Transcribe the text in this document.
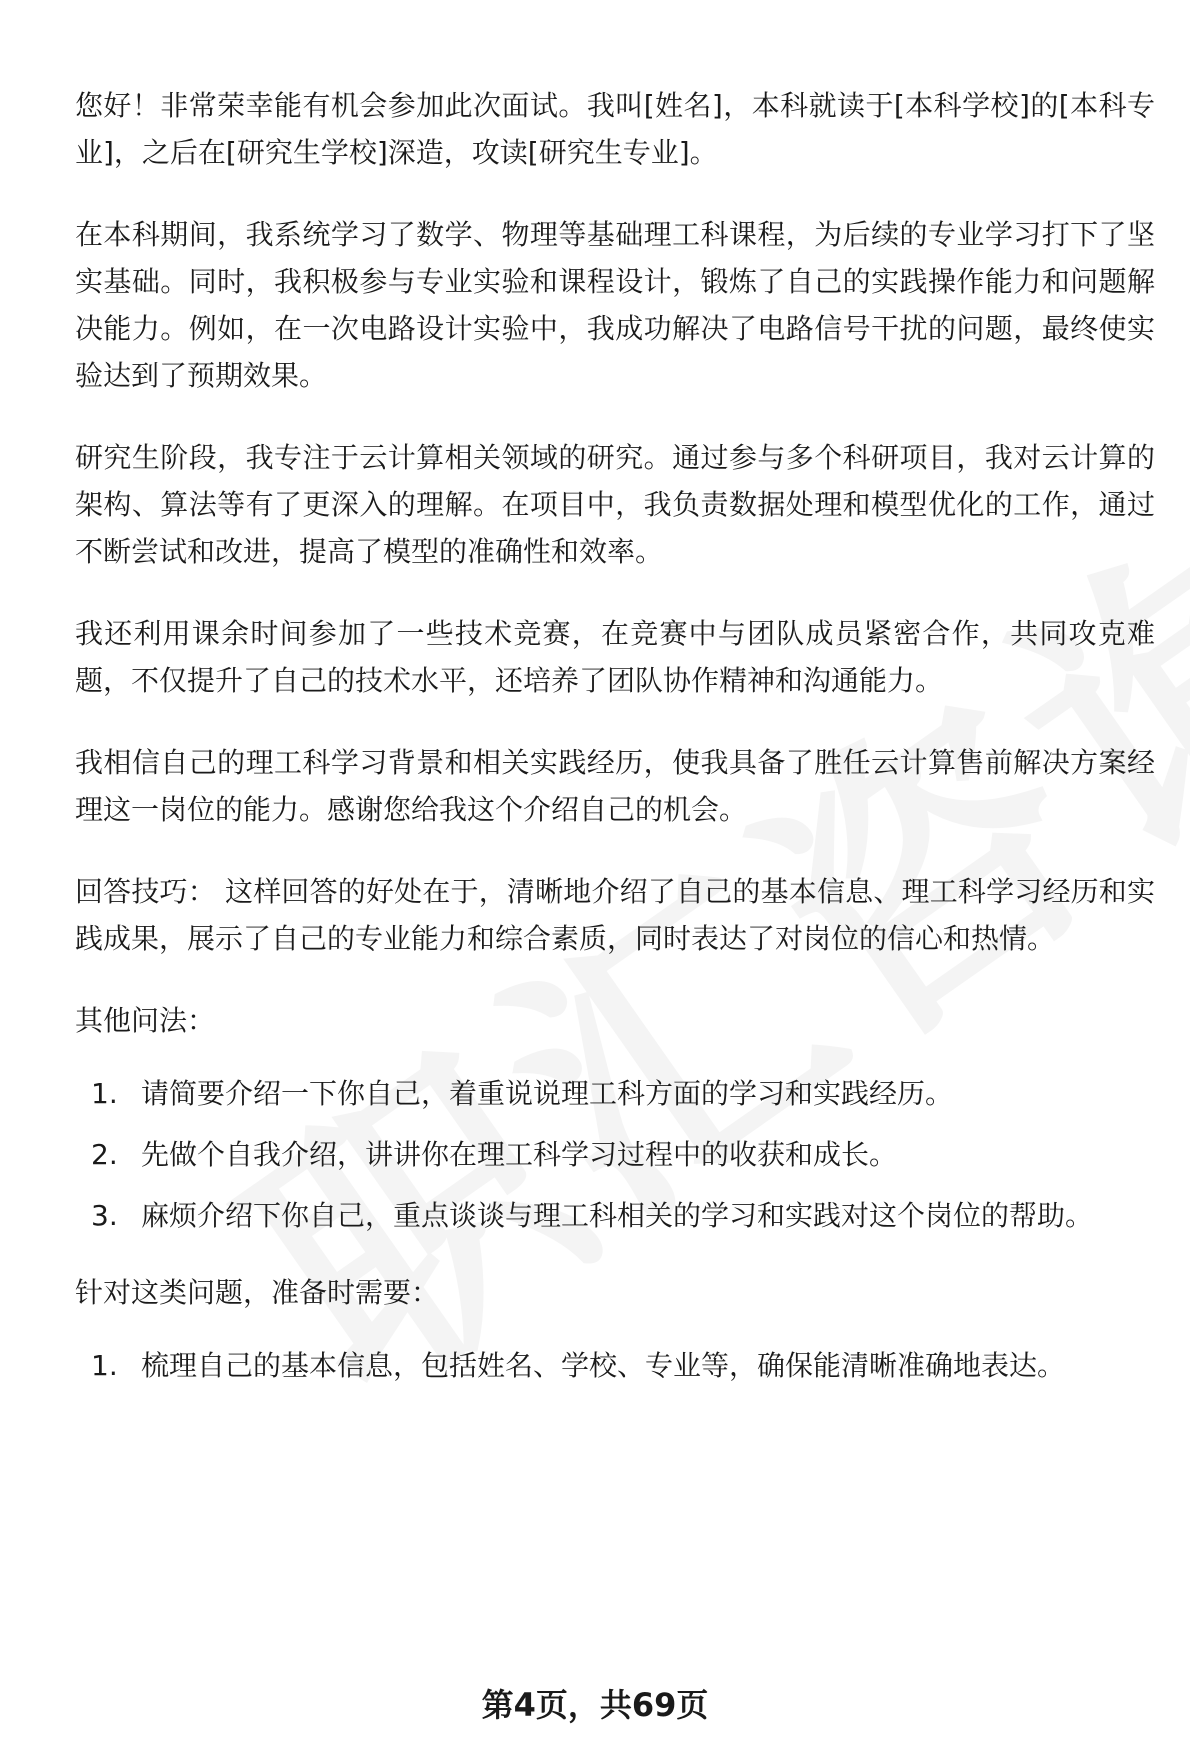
您好！非常荣幸能有机会参加此次面试。我叫[姓名]，本科就读于[本科学校]的[本科专业]，之后在[研究生学校]深造，攻读[研究生专业]。

在本科期间，我系统学习了数学、物理等基础理工科课程，为后续的专业学习打下了坚实基础。同时，我积极参与专业实验和课程设计，锻炼了自己的实践操作能力和问题解决能力。例如，在一次电路设计实验中，我成功解决了电路信号干扰的问题，最终使实验达到了预期效果。

研究生阶段，我专注于云计算相关领域的研究。通过参与多个科研项目，我对云计算的架构、算法等有了更深入的理解。在项目中，我负责数据处理和模型优化的工作，通过不断尝试和改进，提高了模型的准确性和效率。

我还利用课余时间参加了一些技术竞赛，在竞赛中与团队成员紧密合作，共同攻克难题，不仅提升了自己的技术水平，还培养了团队协作精神和沟通能力。

我相信自己的理工科学习背景和相关实践经历，使我具备了胜任云计算售前解决方案经理这一岗位的能力。感谢您给我这个介绍自己的机会。

回答技巧： 这样回答的好处在于，清晰地介绍了自己的基本信息、理工科学习经历和实践成果，展示了自己的专业能力和综合素质，同时表达了对岗位的信心和热情。

其他问法：

1. 请简要介绍一下你自己，着重说说理工科方面的学习和实践经历。
2. 先做个自我介绍，讲讲你在理工科学习过程中的收获和成长。
3. 麻烦介绍下你自己，重点谈谈与理工科相关的学习和实践对这个岗位的帮助。

针对这类问题，准备时需要：

1. 梳理自己的基本信息，包括姓名、学校、专业等，确保能清晰准确地表达。
第4页，共69页
